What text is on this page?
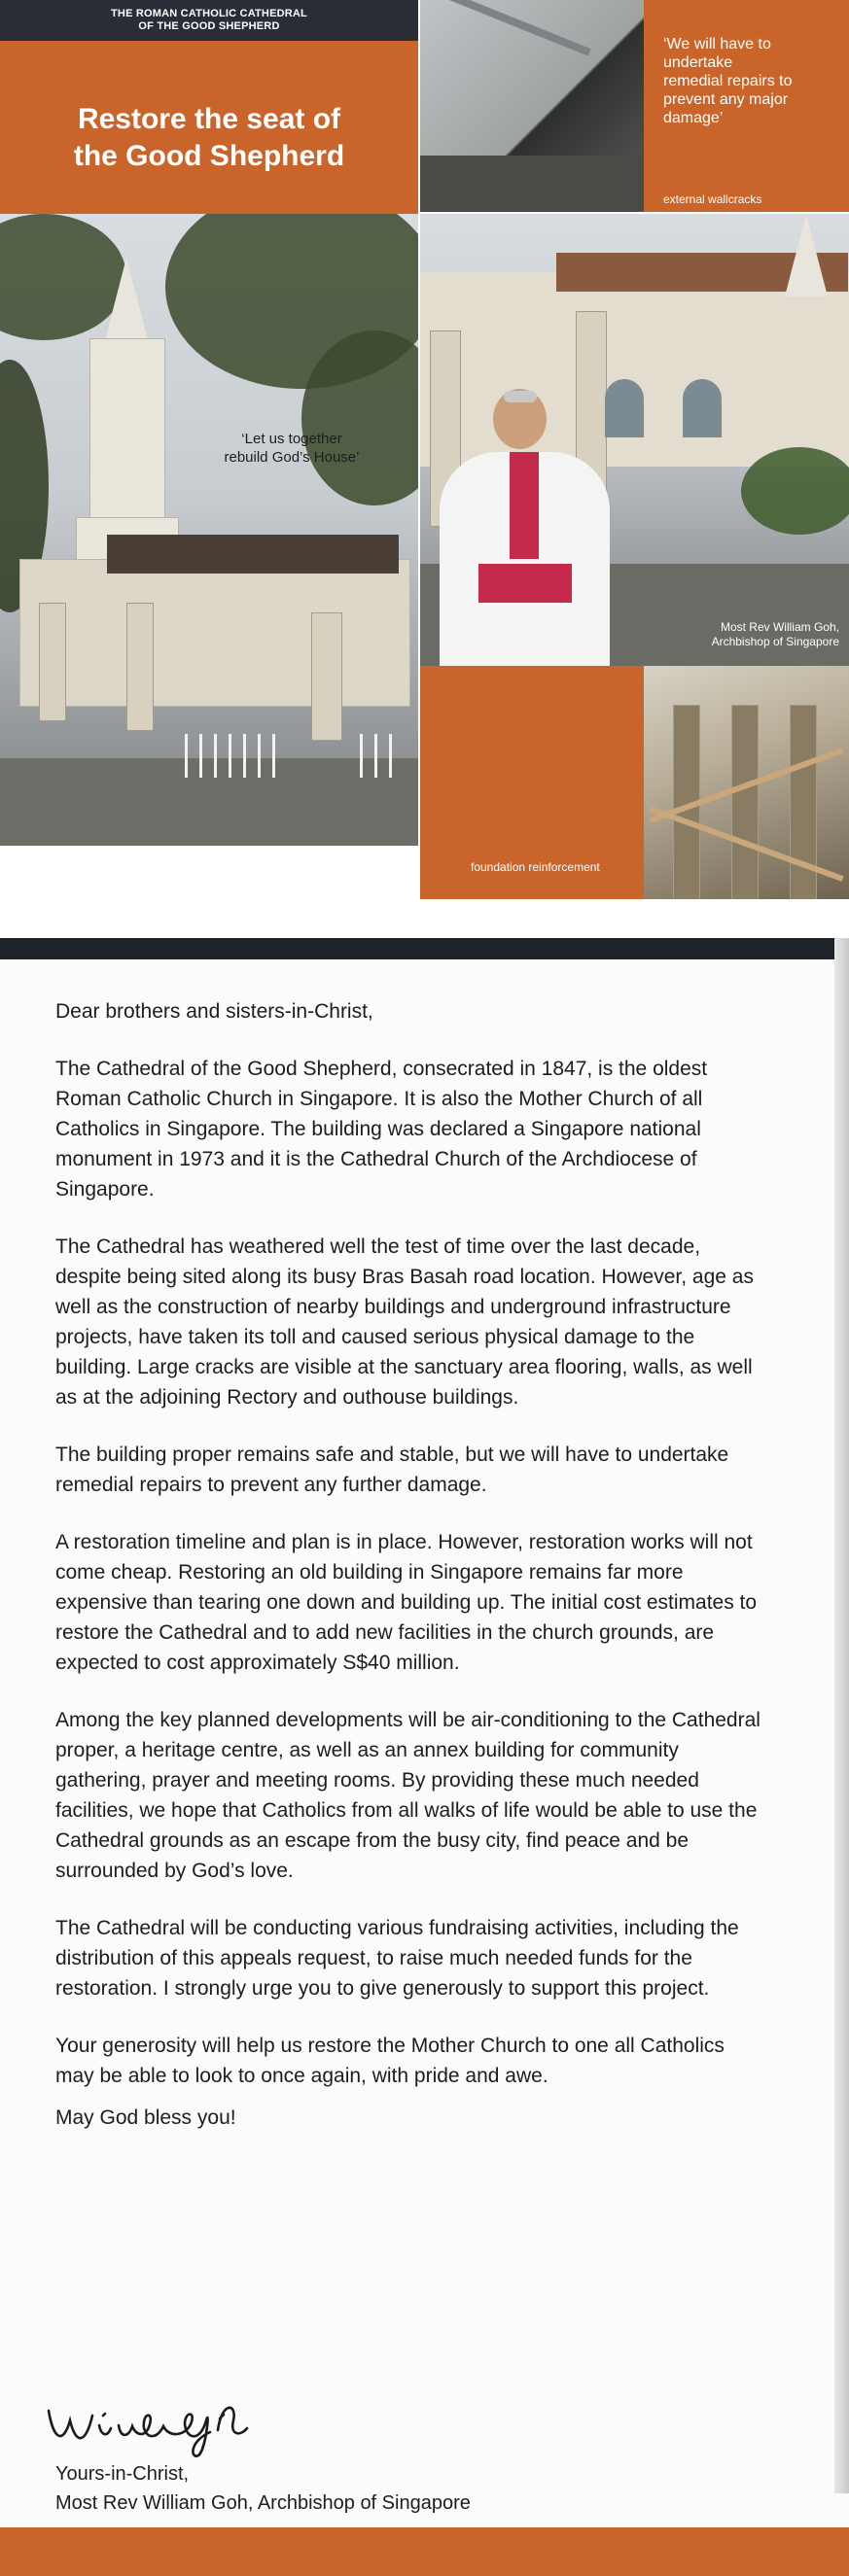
THE ROMAN CATHOLIC CATHEDRAL
OF THE GOOD SHEPHERD
Restore the seat of
the Good Shepherd
‘Let us together
rebuild God’s House’
‘We will have to
undertake
remedial repairs to
prevent any major
damage’
external wallcracks
Most Rev William Goh,
Archbishop of Singapore
foundation reinforcement

Dear brothers and sisters-in-Christ,

The Cathedral of the Good Shepherd, consecrated in 1847, is the oldest Roman Catholic Church in Singapore. It is also the Mother Church of all Catholics in Singapore. The building was declared a Singapore national monument in 1973 and it is the Cathedral Church of the Archdiocese of Singapore.

The Cathedral has weathered well the test of time over the last decade, despite being sited along its busy Bras Basah road location. However, age as well as the construction of nearby buildings and underground infrastructure projects, have taken its toll and caused serious physical damage to the building. Large cracks are visible at the sanctuary area flooring, walls, as well as at the adjoining Rectory and outhouse buildings.

The building proper remains safe and stable, but we will have to undertake remedial repairs to prevent any further damage.

A restoration timeline and plan is in place. However, restoration works will not come cheap. Restoring an old building in Singapore remains far more expensive than tearing one down and building up. The initial cost estimates to restore the Cathedral and to add new facilities in the church grounds, are expected to cost approximately S$40 million.

Among the key planned developments will be air-conditioning to the Cathedral proper, a heritage centre, as well as an annex building for community gathering, prayer and meeting rooms. By providing these much needed facilities, we hope that Catholics from all walks of life would be able to use the Cathedral grounds as an escape from the busy city, find peace and be surrounded by God’s love.

The Cathedral will be conducting various fundraising activities, including the distribution of this appeals request, to raise much needed funds for the restoration. I strongly urge you to give generously to support this project.

Your generosity will help us restore the Mother Church to one all Catholics may be able to look to once again, with pride and awe.

May God bless you!

Yours-in-Christ,
Most Rev William Goh, Archbishop of Singapore
